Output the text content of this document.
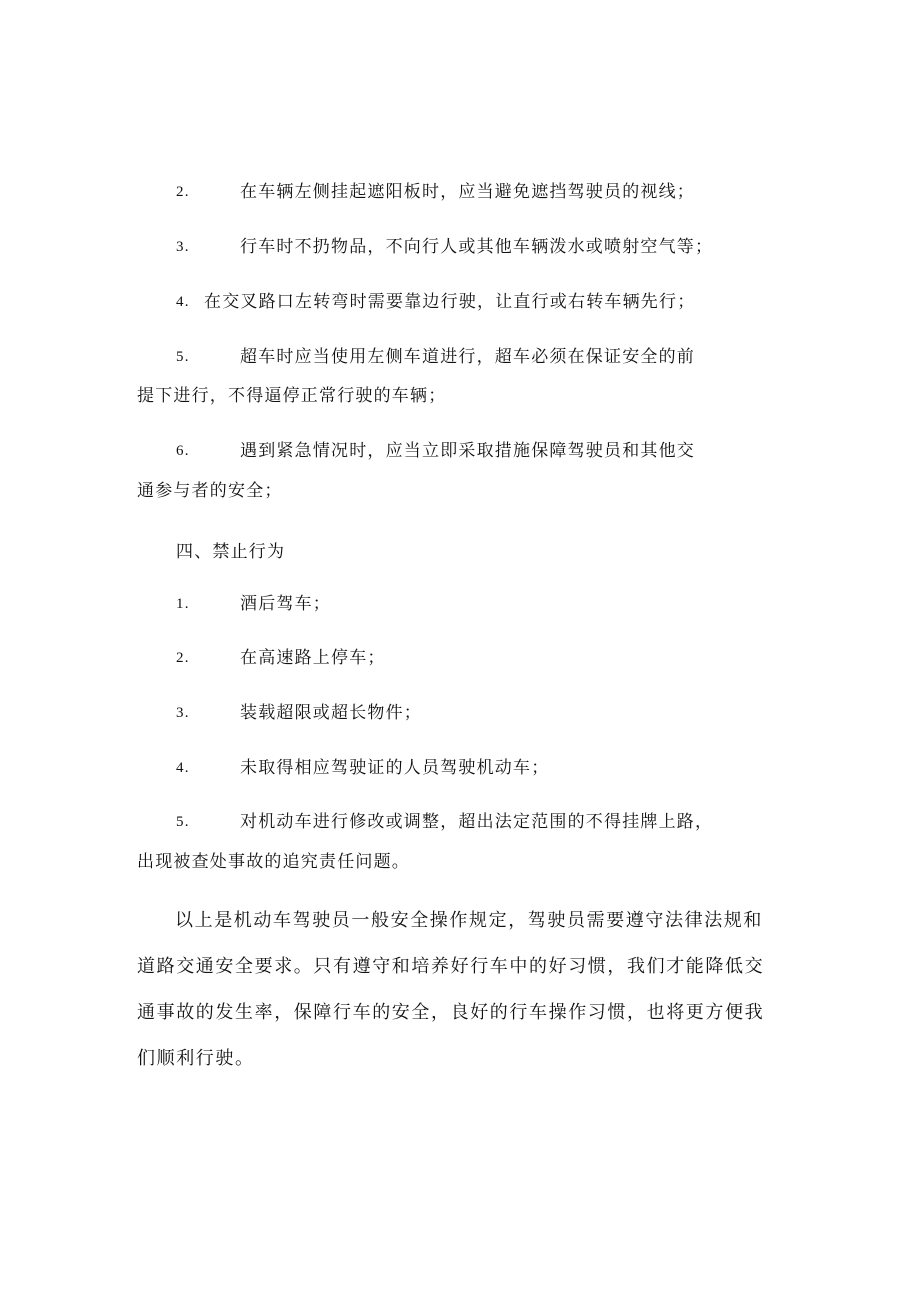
2.	在车辆左侧挂起遮阳板时，应当避免遮挡驾驶员的视线；
3.	行车时不扔物品，不向行人或其他车辆泼水或喷射空气等；
4. 在交叉路口左转弯时需要靠边行驶，让直行或右转车辆先行；
5.	超车时应当使用左侧车道进行，超车必须在保证安全的前
提下进行，不得逼停正常行驶的车辆；
6.	遇到紧急情况时，应当立即采取措施保障驾驶员和其他交
通参与者的安全；
四、禁止行为
1.	酒后驾车；
2.	在高速路上停车；
3.	装载超限或超长物件；
4.	未取得相应驾驶证的人员驾驶机动车；
5.	对机动车进行修改或调整，超出法定范围的不得挂牌上路，
出现被查处事故的追究责任问题。
以上是机动车驾驶员一般安全操作规定，驾驶员需要遵守法律法规和
道路交通安全要求。只有遵守和培养好行车中的好习惯，我们才能降低交
通事故的发生率，保障行车的安全，良好的行车操作习惯，也将更方便我
们顺利行驶。
